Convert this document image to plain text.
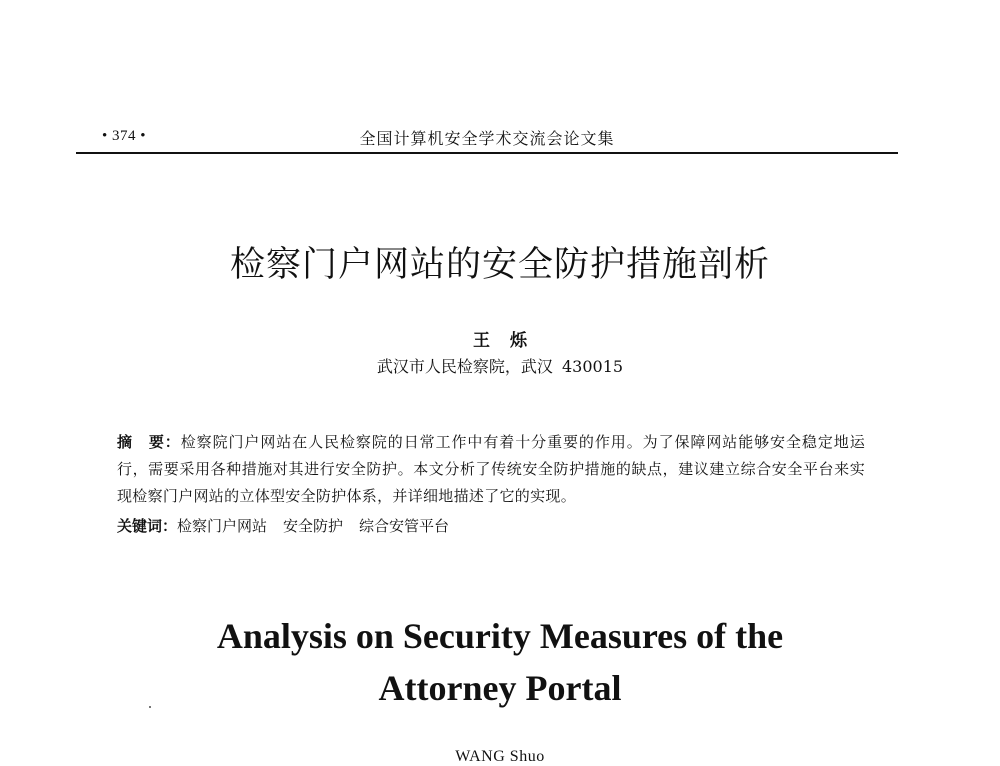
• 374 •	全国计算机安全学术交流会论文集
检察门户网站的安全防护措施剖析
王烁
武汉市人民检察院，武汉 430015
摘　要：检察院门户网站在人民检察院的日常工作中有着十分重要的作用。为了保障网站能够安全稳定地运行，需要采用各种措施对其进行安全防护。本文分析了传统安全防护措施的缺点，建议建立综合安全平台来实现检察门户网站的立体型安全防护体系，并详细地描述了它的实现。
关键词：检察门户网站 安全防护 综合安管平台
Analysis on Security Measures of the
Attorney Portal
WANG Shuo
